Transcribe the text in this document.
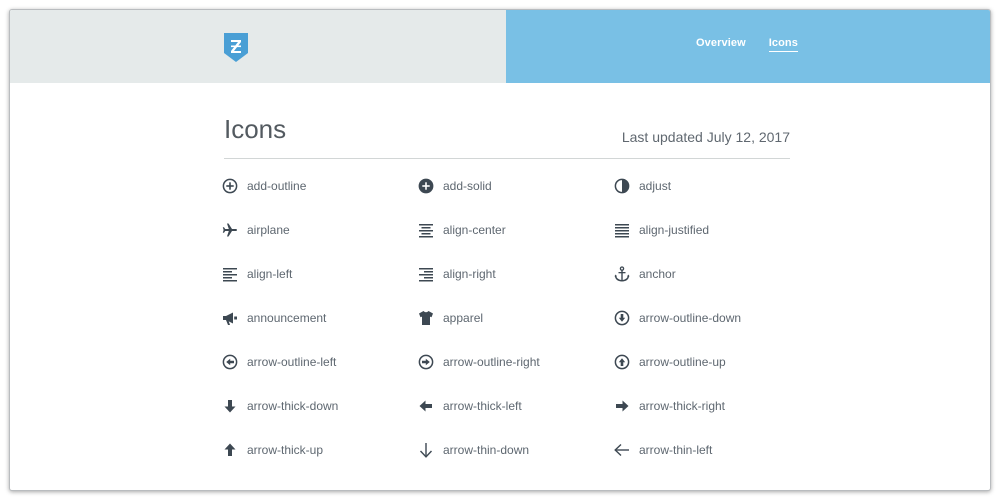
Overview Icons
Icons	Last updated July 12, 2017
add-outline	add-solid	adjust
airplane	align-center	align-justified
align-left	align-right	anchor
announcement	apparel	arrow-outline-down
arrow-outline-left	arrow-outline-right	arrow-outline-up
arrow-thick-down	arrow-thick-left	arrow-thick-right
arrow-thick-up	arrow-thin-down	arrow-thin-left
